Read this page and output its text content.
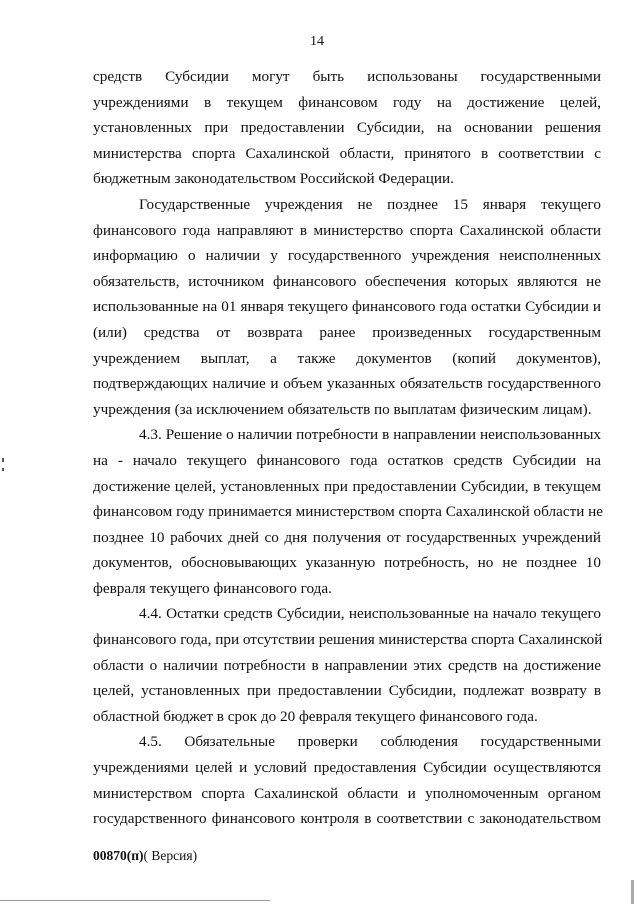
14
средств Субсидии могут быть использованы государственными
учреждениями в текущем финансовом году на достижение целей,
установленных при предоставлении Субсидии, на основании решения
министерства спорта Сахалинской области, принятого в соответствии с
бюджетным законодательством Российской Федерации.
Государственные учреждения не позднее 15 января текущего
финансового года направляют в министерство спорта Сахалинской области
информацию о наличии у государственного учреждения неисполненных
обязательств, источником финансового обеспечения которых являются не
использованные на 01 января текущего финансового года остатки Субсидии и
(или) средства от возврата ранее произведенных государственным
учреждением выплат, а также документов (копий документов),
подтверждающих наличие и объем указанных обязательств государственного
учреждения (за исключением обязательств по выплатам физическим лицам).
4.3. Решение о наличии потребности в направлении неиспользованных
на - начало текущего финансового года остатков средств Субсидии на
достижение целей, установленных при предоставлении Субсидии, в текущем
финансовом году принимается министерством спорта Сахалинской области не
позднее 10 рабочих дней со дня получения от государственных учреждений
документов, обосновывающих указанную потребность, но не позднее 10
февраля текущего финансового года.
4.4. Остатки средств Субсидии, неиспользованные на начало текущего
финансового года, при отсутствии решения министерства спорта Сахалинской
области о наличии потребности в направлении этих средств на достижение
целей, установленных при предоставлении Субсидии, подлежат возврату в
областной бюджет в срок до 20 февраля текущего финансового года.
4.5. Обязательные проверки соблюдения государственными
учреждениями целей и условий предоставления Субсидии осуществляются
министерством спорта Сахалинской области и уполномоченным органом
государственного финансового контроля в соответствии с законодательством
00870(п)( Версия)
